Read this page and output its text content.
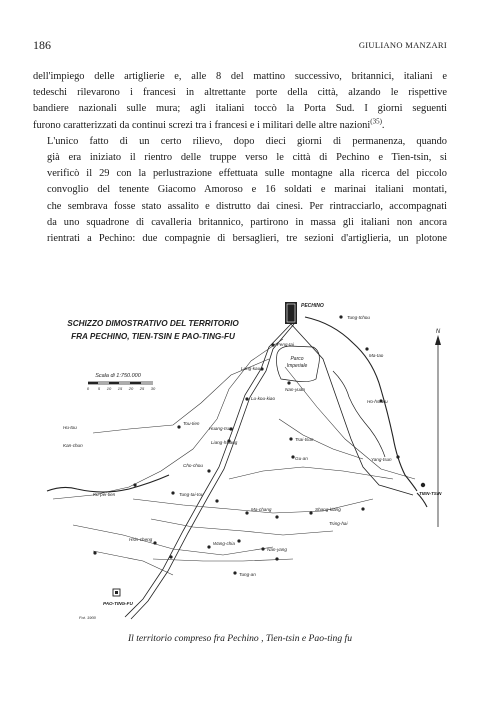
186	GIULIANO MANZARI

dell'impiego delle artiglierie e, alle 8 del mattino successivo, britannici, italiani e
tedeschi rilevarono i francesi in altrettante porte della città, alzando le rispettive
bandiere nazionali sulle mura; agli italiani toccò la Porta Sud. I giorni seguenti
furono caratterizzati da continui screzi tra i francesi e i militari delle altre nazioni$^{(35)}$.

L'unico fatto di un certo rilievo, dopo dieci giorni di permanenza, quando
già era iniziato il rientro delle truppe verso le città di Pechino e Tien-tsin, si
verificò il 29 con la perlustrazione effettuata sulle montagne alla ricerca del piccolo
convoglio del tenente Giacomo Amoroso e 16 soldati e marinai italiani montati,
che sembrava fosse stato assalito e distrutto dai cinesi. Per rintracciarlo, accompagnati
da uno squadrone di cavalleria britannico, partirono in massa gli italiani non ancora
rientrati a Pechino: due compagnie di bersaglieri, tre sezioni d'artiglieria, un plotone

SCHIZZO DIMOSTRATIVO DEL TERRITORIO
FRA PECHINO, TIEN-TSIN E PAO-TING-FU
Scala di 1:750.000
0 5 10 15 20 25 30
N
PECHINO
Parco
Imperiale
Tung-tchou
Feng-tai
Lung-kau
Nan-yuan
Lu-kou-kiao
Ma-tao
Ho-hsi-wu
Huang-tsun
Liang-hsiang
Tou-tien
Tsai-tsun
Gu-an	Yang-tsun
Hu-tou
Kan-chun
Cho-chou
TIEN-TSIN
Ku-pei-tien	Tung-tai-tou
Ma-chang	Shang-kiang
Hsin-cheng
Wang-chia
Nan-yang
Tsing-hai
Tung-an
PAO-TING-FU
Fot. 1900
Il territorio compreso fra Pechino , Tien-tsin e Pao-ting fu
